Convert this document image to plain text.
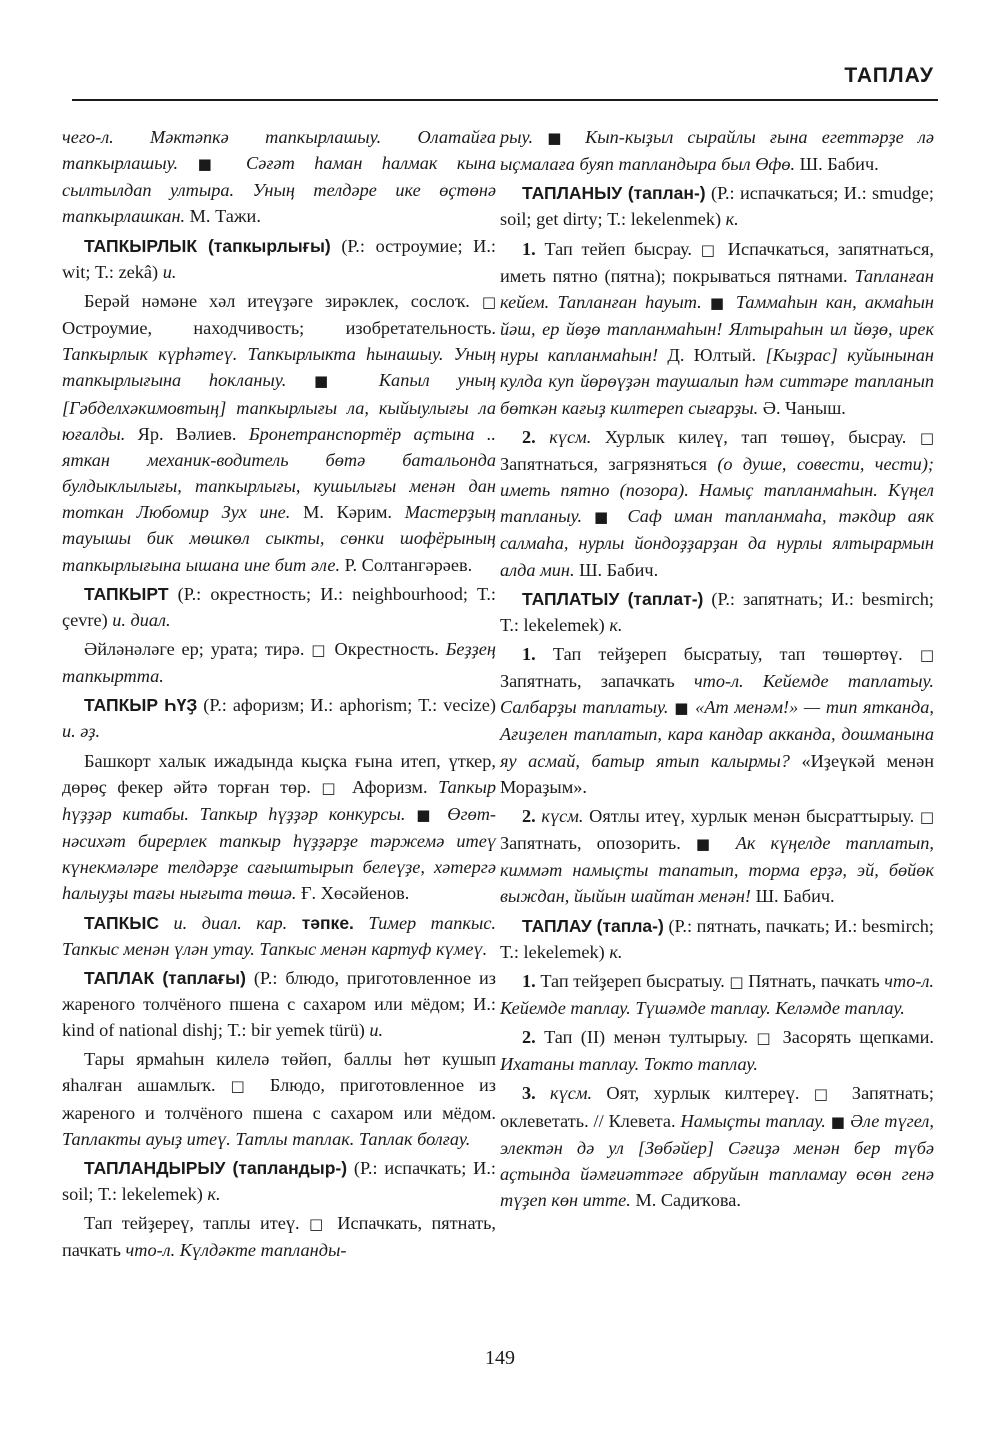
ТАПЛАУ

чего-л. Мәктәпкә тапкырлашыу. Олатайға тапкырлашыу. ■ Сәғәт һаман һалмак кына сылтылдап ултыра. Уның телдәре ике өҫтөнә тапкырлашкан. М. Тажи.

ТАПКЫРЛЫК (тапкырлығы) (Р.: остроумие; И.: wit; Т.: zekâ) и.

Берәй нәмәне хәл итеүҙәге зирәклек, сослоҡ. □ Остроумие, находчивость; изобретательность. Тапкырлык күрһәтеү. Тапкырлыкта һынашыу. Уның тапкырлығына һокланыу. ■ Капыл уның [Гәбделхәкимовтың] тапкырлығы ла, кыйыулығы ла юғалды. Яр. Вәлиев. Бронетранспортёр аҫтына .. яткан механик-водитель бөтә батальонда булдыклылығы, тапкырлығы, кушылығы менән дан тоткан Любомир Зух ине. М. Кәрим. Мастерҙың тауышы бик мөшкөл сыкты, сөнки шофёрының тапкырлығына ышана ине бит әле. Р. Солтангәрәев.

ТАПКЫРТ (Р.: окрестность; И.: neighbourhood; Т.: çevre) и. диал.

Әйләнәләге ер; урата; тирә. □ Окрестность. Беҙҙең тапкыртта.

ТАПКЫР ҺҮҘ (Р.: афоризм; И.: aphorism; Т.: vecize) и. әҙ.

Башкорт халык ижадында кыҫка ғына итеп, үткер, дөрөҫ фекер әйтә торған төр. □ Афоризм. Тапкыр һүҙҙәр китабы. Тапкыр һүҙҙәр конкурсы. ■ Өгөт-нәсихәт бирерлек тапкыр һүҙҙәрҙе тәржемә итеү күнекмәләре телдәрҙе сағыштырып белеүҙе, хәтергә һалыуҙы тағы нығыта төшә. Ғ. Хөсәйенов.

ТАПКЫС и. диал. кар. тәпке. Тимер тапкыс. Тапкыс менән үлән утау. Тапкыс менән картуф күмеү.

ТАПЛАК (таплағы) (Р.: блюдо, приготовленное из жареного толчёного пшена с сахаром или мёдом; И.: kind of national dishj; Т.: bir yemek türü) и.

Тары ярмаһын килелә төйөп, баллы һөт кушып яһалған ашамлыҡ. □ Блюдо, приготовленное из жареного и толчёного пшена с сахаром или мёдом. Таплакты ауыҙ итеү. Татлы таплак. Таплак болғау.

ТАПЛАНДЫРЫУ (тапландыр-) (Р.: испачкать; И.: soil; Т.: lekelemek) к.

Тап тейҙереү, таплы итеү. □ Испачкать, пятнать, пачкать что-л. Күлдәкте тапланды-

рыу. ■ Кып-кыҙыл сырайлы ғына егеттәрҙе лә ыҫмалаға буяп тапландыра был Өфө. Ш. Бабич.

ТАПЛАНЫУ (таплан-) (Р.: испачкаться; И.: smudge; soil; get dirty; Т.: lekelenmek) к.

1. Тап тейеп бысрау. □ Испачкаться, запятнаться, иметь пятно (пятна); покрываться пятнами. Тапланған кейем. Тапланған һауыт. ■ Таммаһын кан, акмаһын йәш, ер йөҙө тапланмаһын! Ялтыраһын ил йөҙө, ирек нуры капланмаһын! Д. Юлтый. [Кыҙрас] куйынынан кулда куп йөрөүҙән таушалып һәм ситтәре тапланып бөткән кағыҙ килтереп сығарҙы. Ә. Чаныш.

2. күсм. Хурлык килеү, тап төшөү, бысрау. □ Запятнаться, загрязняться (о душе, совести, чести); иметь пятно (позора). Намыҫ тапланмаһын. Күңел тапланыу. ■ Саф иман тапланмаһа, тәкдир аяк салмаһа, нурлы йондоҙҙарҙан да нурлы ялтырармын алда мин. Ш. Бабич.

ТАПЛАТЫУ (таплат-) (Р.: запятнать; И.: besmirch; Т.: lekelemek) к.

1. Тап тейҙереп бысратыу, тап төшөртөү. □ Запятнать, запачкать что-л. Кейемде таплатыу. Салбарҙы таплатыу. ■ «Ат менәм!» — тип ятканда, Ағиҙелен таплатып, кара кандар акканда, дошманына яу асмай, батыр ятып калырмы? «Иҙеүкәй менән Мораҙым».

2. күсм. Оятлы итеү, хурлык менән бысраттырыу. □ Запятнать, опозорить. ■ Ак күңелде таплатып, киммәт намыҫты тапатып, торма ерҙә, эй, бөйөк выждан, йыйын шайтан менән! Ш. Бабич.

ТАПЛАУ (тапла-) (Р.: пятнать, пачкать; И.: besmirch; Т.: lekelemek) к.

1. Тап тейҙереп бысратыу. □ Пятнать, пачкать что-л. Кейемде таплау. Түшәмде таплау. Келәмде таплау.

2. Тап (II) менән тултырыу. □ Засорять щепками. Ихатаны таплау. Токто таплау.

3. күсм. Оят, хурлык килтереү. □ Запятнать; оклеветать. // Клевета. Намыҫты таплау. ■ Әле түгел, электән дә ул [Зөбәйер] Сәғиҙә менән бер түбә аҫтында йәмғиәттәге абруйын тапламау өсөн генә түҙеп көн итте. М. Садиҡова.

149
